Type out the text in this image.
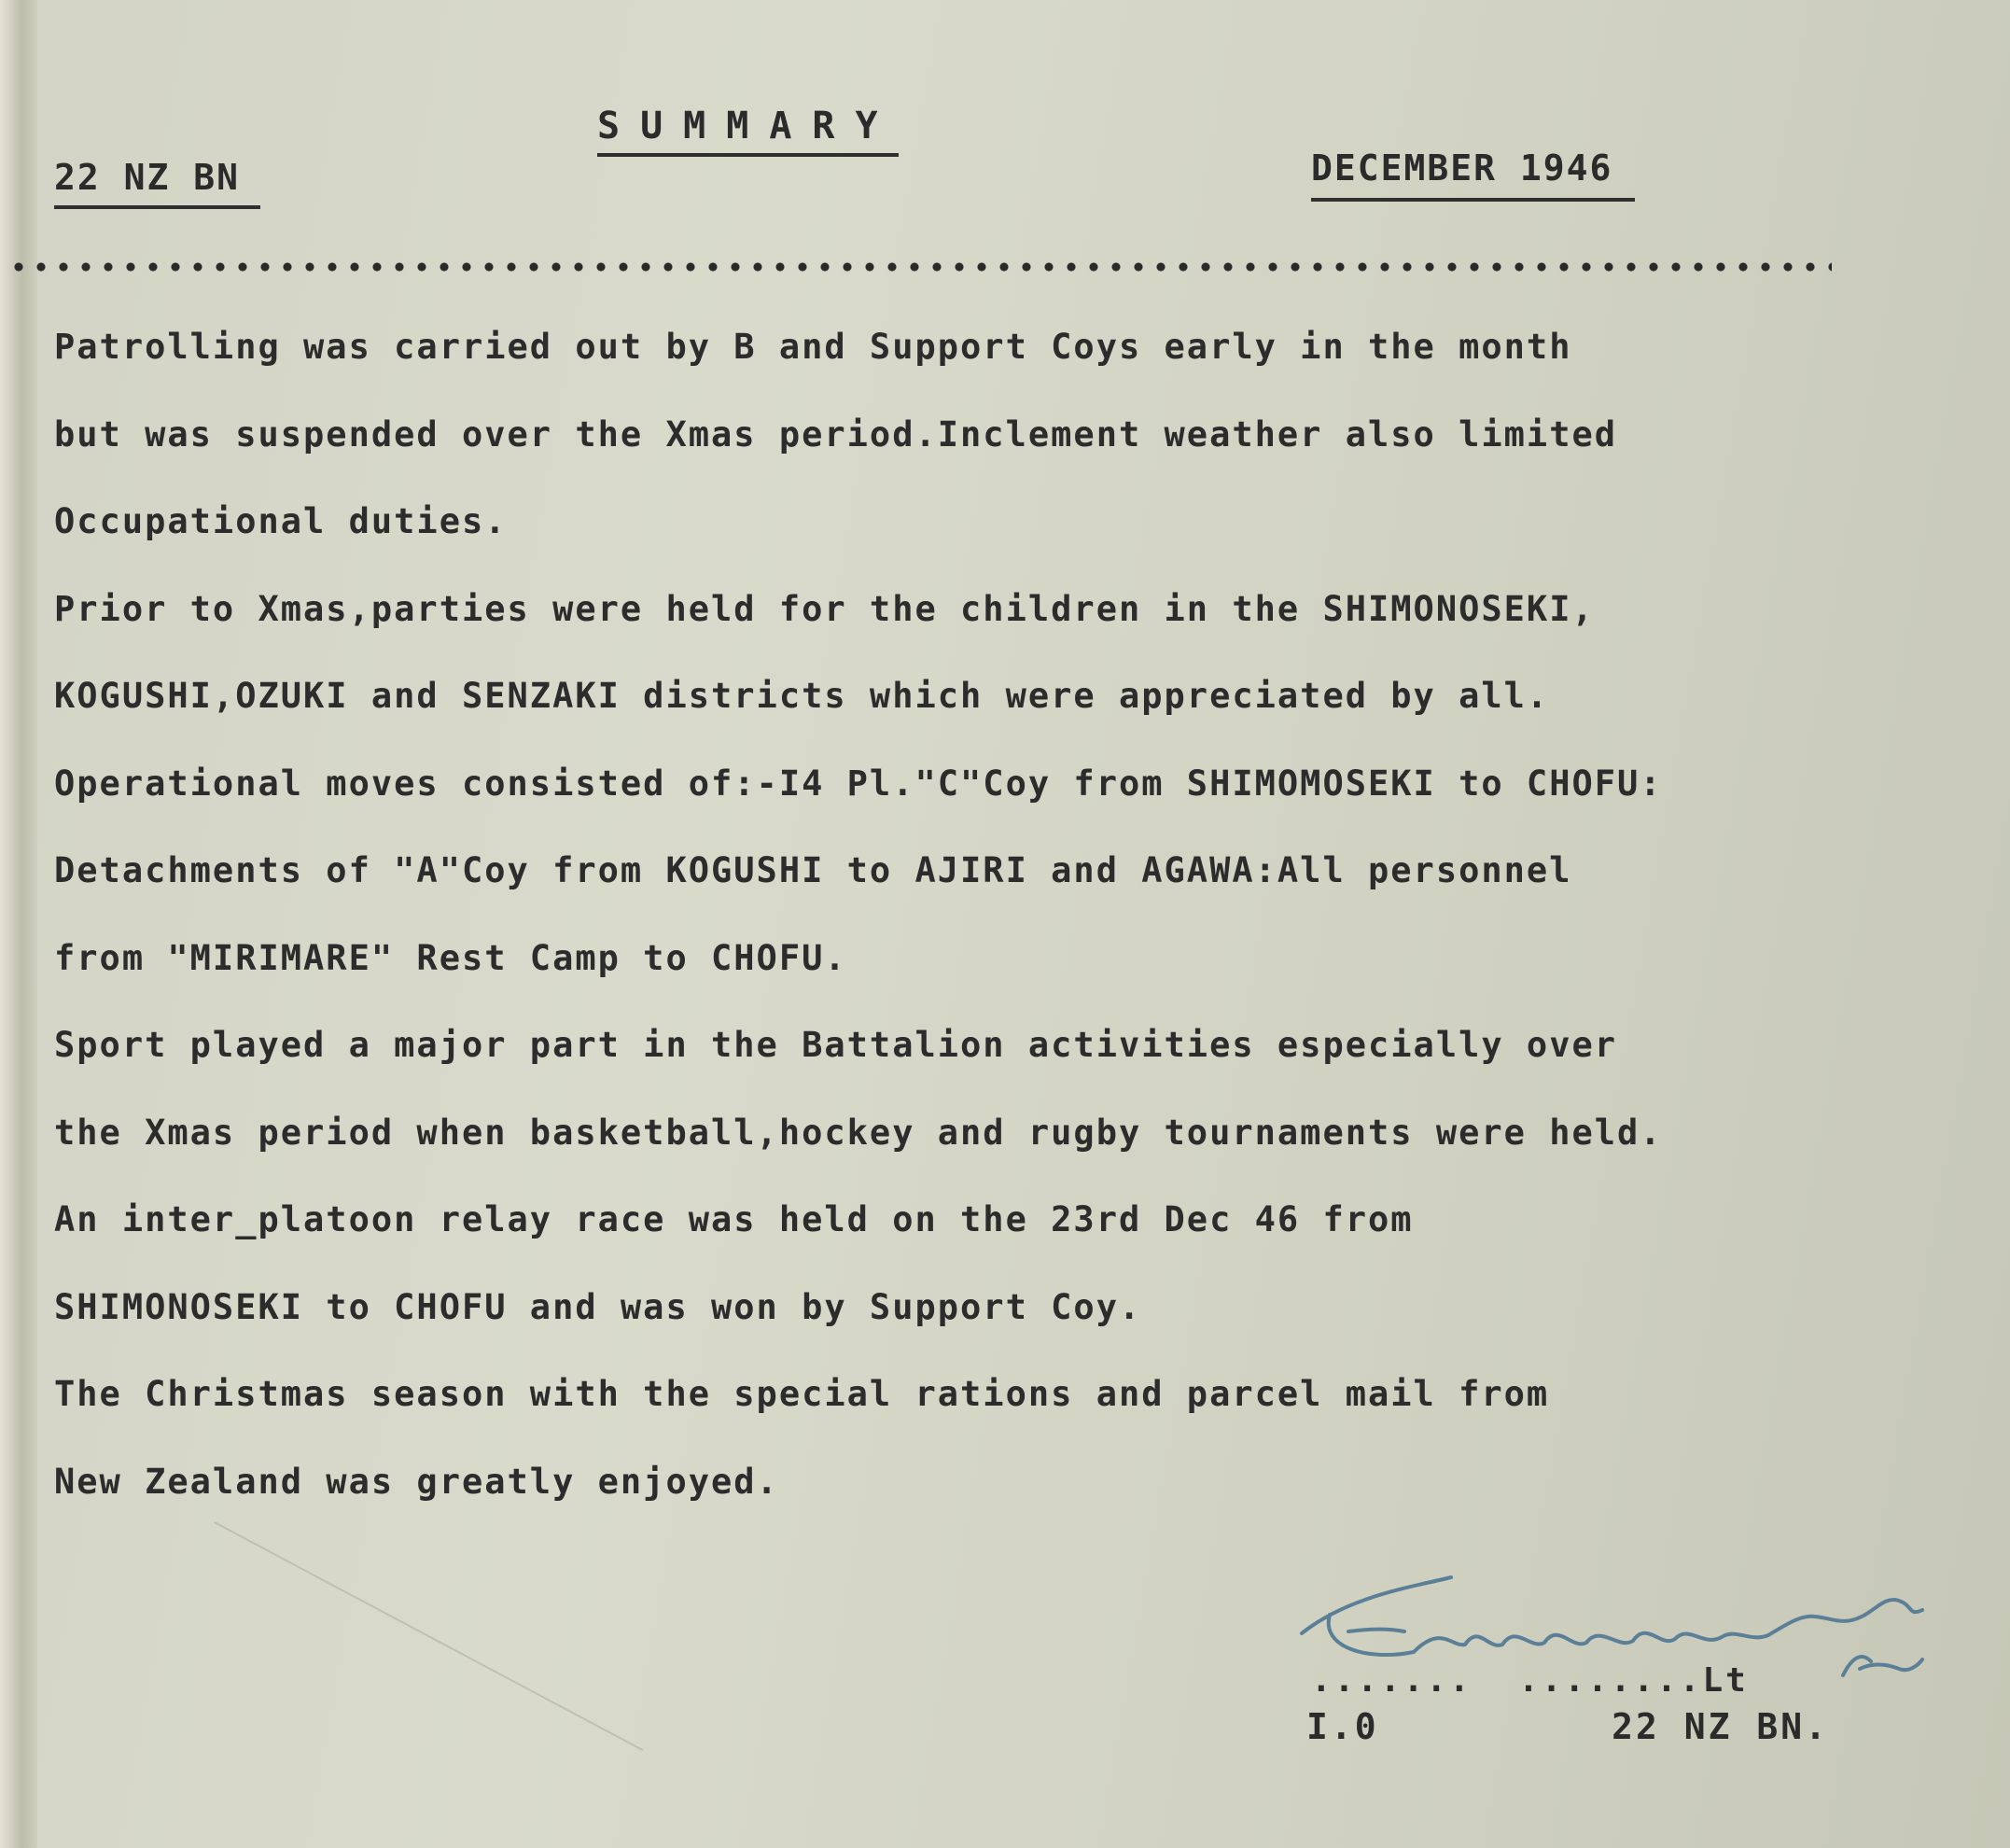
SUMMARY
22 NZ BN	DECEMBER 1946
Patrolling was carried out by B and Support Coys early in the month
but was suspended over the Xmas period.Inclement weather also limited
Occupational duties.
Prior to Xmas,parties were held for the children in the SHIMONOSEKI,
KOGUSHI,OZUKI and SENZAKI districts which were appreciated by all.
Operational moves consisted of:-I4 Pl."C"Coy from SHIMOMOSEKI to CHOFU:
Detachments of "A"Coy from KOGUSHI to AJIRI and AGAWA:All personnel
from "MIRIMARE" Rest Camp to CHOFU.
Sport played a major part in the Battalion activities especially over
the Xmas period when basketball,hockey and rugby tournaments were held.
An inter_platoon relay race was held on the 23rd Dec 46 from
SHIMONOSEKI to CHOFU and was won by Support Coy.
The Christmas season with the special rations and parcel mail from
New Zealand was greatly enjoyed.
.......  ........Lt
I.0	22 NZ BN.
